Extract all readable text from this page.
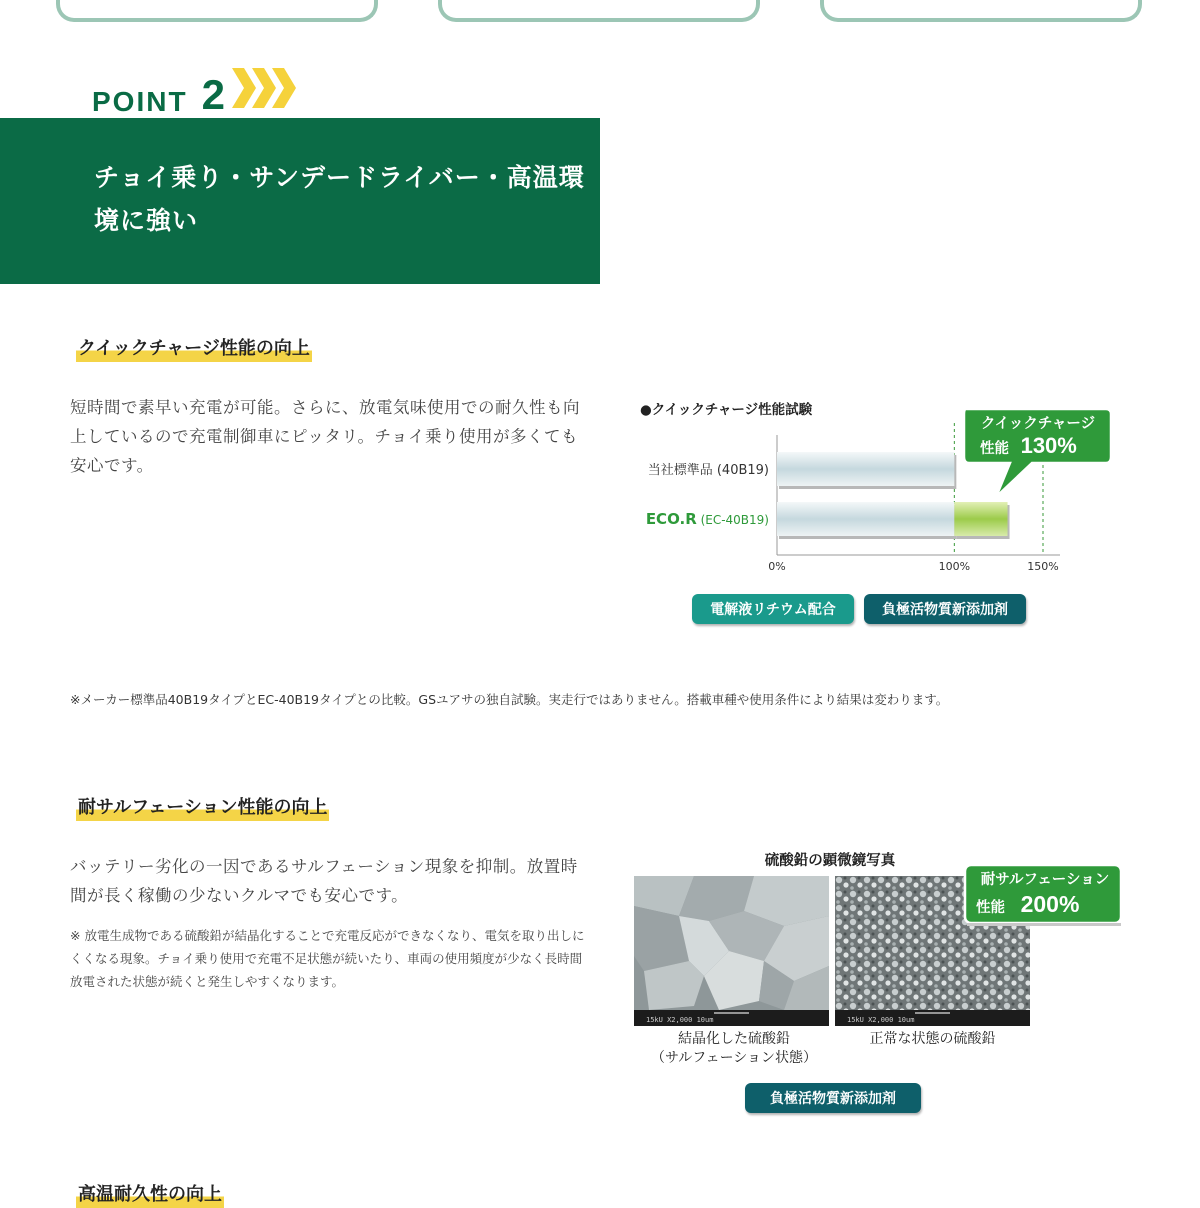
POINT 2
チョイ乗り・サンデードライバー・高温環
境に強い
クイックチャージ性能の向上
短時間で素早い充電が可能。さらに、放電気味使用での耐久性も向上しているので充電制御車にピッタリ。チョイ乗り使用が多くても安心です。
●クイックチャージ性能試験
当社標準品 (40B19)
ECO.R (EC-40B19)
0%	100%	150%
クイックチャージ
性能 130%
電解液リチウム配合	負極活物質新添加剤
※メーカー標準品40B19タイプとEC-40B19タイプとの比較。GSユアサの独自試験。実走行ではありません。搭載車種や使用条件により結果は変わります。
耐サルフェーション性能の向上
バッテリー劣化の一因であるサルフェーション現象を抑制。放置時間が長く稼働の少ないクルマでも安心です。
※ 放電生成物である硫酸鉛が結晶化することで充電反応ができなくなり、電気を取り出しにくくなる現象。チョイ乗り使用で充電不足状態が続いたり、車両の使用頻度が少なく長時間放電された状態が続くと発生しやすくなります。
硫酸鉛の顕微鏡写真
15kU X2,000 10um	15kU X2,000 10um
耐サルフェーション
性能 200%
結晶化した硫酸鉛
（サルフェーション状態）
正常な状態の硫酸鉛
負極活物質新添加剤
高温耐久性の向上
